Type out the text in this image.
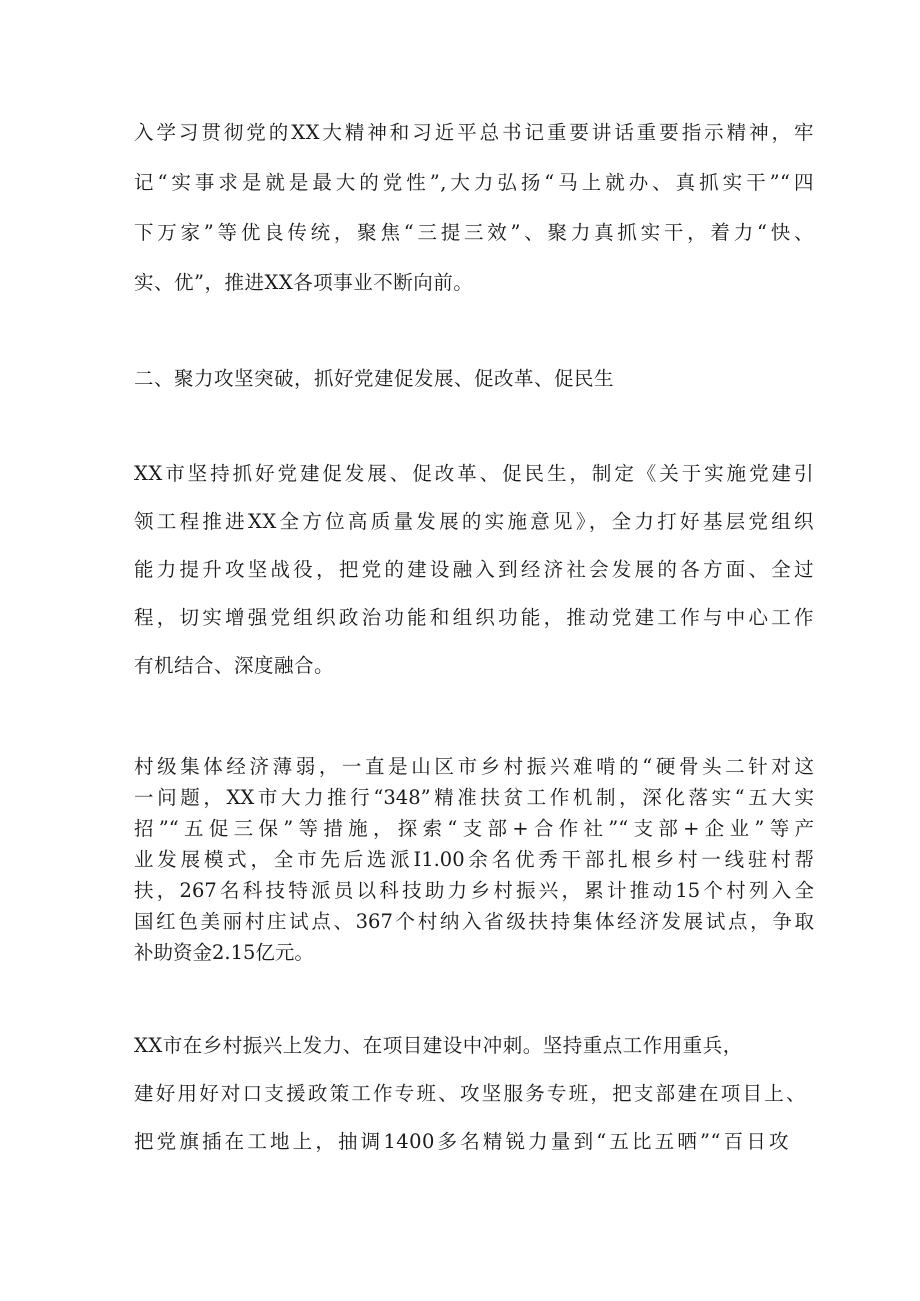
入学习贯彻党的XX大精神和习近平总书记重要讲话重要指示精神，牢
记“实事求是就是最大的党性”,大力弘扬“马上就办、真抓实干”“四
下万家”等优良传统，聚焦“三提三效”、聚力真抓实干，着力“快、
实、优”，推进XX各项事业不断向前。
二、聚力攻坚突破，抓好党建促发展、促改革、促民生
XX市坚持抓好党建促发展、促改革、促民生，制定《关于实施党建引
领工程推进XX全方位高质量发展的实施意见》，全力打好基层党组织
能力提升攻坚战役，把党的建设融入到经济社会发展的各方面、全过
程，切实增强党组织政治功能和组织功能，推动党建工作与中心工作
有机结合、深度融合。
村级集体经济薄弱，一直是山区市乡村振兴难啃的“硬骨头二针对这
一问题，XX市大力推行“348”精准扶贫工作机制，深化落实“五大实
招”“五促三保”等措施，探索“支部+合作社”“支部+企业”等产
业发展模式，全市先后选派I1.00余名优秀干部扎根乡村一线驻村帮
扶，267名科技特派员以科技助力乡村振兴，累计推动15个村列入全
国红色美丽村庄试点、367个村纳入省级扶持集体经济发展试点，争取
补助资金2.15亿元。
XX市在乡村振兴上发力、在项目建设中冲刺。坚持重点工作用重兵，
建好用好对口支援政策工作专班、攻坚服务专班，把支部建在项目上、
把党旗插在工地上，抽调1400多名精锐力量到“五比五晒”“百日攻
